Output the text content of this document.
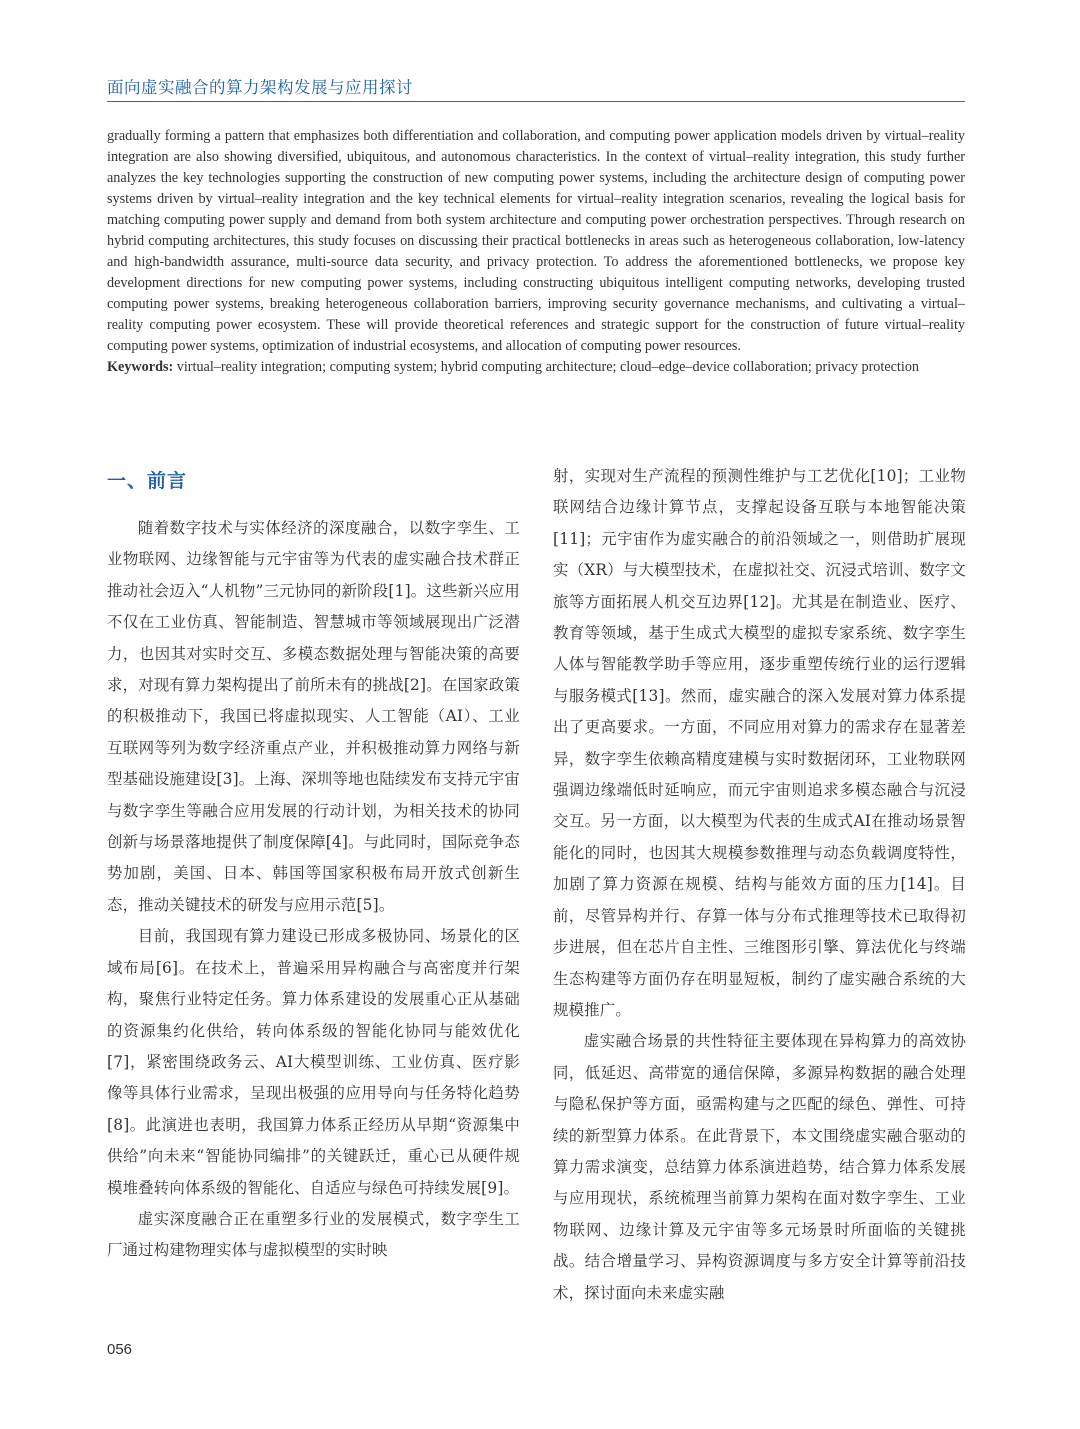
面向虚实融合的算力架构发展与应用探讨

gradually forming a pattern that emphasizes both differentiation and collaboration, and computing power application models driven by virtual–reality integration are also showing diversified, ubiquitous, and autonomous characteristics. In the context of virtual–reality integration, this study further analyzes the key technologies supporting the construction of new computing power systems, including the architecture design of computing power systems driven by virtual–reality integration and the key technical elements for virtual–reality integration scenarios, revealing the logical basis for matching computing power supply and demand from both system architecture and computing power orchestration perspectives. Through research on hybrid computing architectures, this study focuses on discussing their practical bottlenecks in areas such as heterogeneous collaboration, low-latency and high-bandwidth assurance, multi-source data security, and privacy protection. To address the aforementioned bottlenecks, we propose key development directions for new computing power systems, including constructing ubiquitous intelligent computing networks, developing trusted computing power systems, breaking heterogeneous collaboration barriers, improving security governance mechanisms, and cultivating a virtual–reality computing power ecosystem. These will provide theoretical references and strategic support for the construction of future virtual–reality computing power systems, optimization of industrial ecosystems, and allocation of computing power resources.

Keywords: virtual–reality integration; computing system; hybrid computing architecture; cloud–edge–device collaboration; privacy protection

一、前言

随着数字技术与实体经济的深度融合，以数字孪生、工业物联网、边缘智能与元宇宙等为代表的虚实融合技术群正推动社会迈入“人机物”三元协同的新阶段[1]。这些新兴应用不仅在工业仿真、智能制造、智慧城市等领域展现出广泛潜力，也因其对实时交互、多模态数据处理与智能决策的高要求，对现有算力架构提出了前所未有的挑战[2]。在国家政策的积极推动下，我国已将虚拟现实、人工智能（AI）、工业互联网等列为数字经济重点产业，并积极推动算力网络与新型基础设施建设[3]。上海、深圳等地也陆续发布支持元宇宙与数字孪生等融合应用发展的行动计划，为相关技术的协同创新与场景落地提供了制度保障[4]。与此同时，国际竞争态势加剧，美国、日本、韩国等国家积极布局开放式创新生态，推动关键技术的研发与应用示范[5]。

目前，我国现有算力建设已形成多极协同、场景化的区域布局[6]。在技术上，普遍采用异构融合与高密度并行架构，聚焦行业特定任务。算力体系建设的发展重心正从基础的资源集约化供给，转向体系级的智能化协同与能效优化[7]，紧密围绕政务云、AI大模型训练、工业仿真、医疗影像等具体行业需求，呈现出极强的应用导向与任务特化趋势[8]。此演进也表明，我国算力体系正经历从早期“资源集中供给”向未来“智能协同编排”的关键跃迁，重心已从硬件规模堆叠转向体系级的智能化、自适应与绿色可持续发展[9]。

虚实深度融合正在重塑多行业的发展模式，数字孪生工厂通过构建物理实体与虚拟模型的实时映

射，实现对生产流程的预测性维护与工艺优化[10]；工业物联网结合边缘计算节点，支撑起设备互联与本地智能决策[11]；元宇宙作为虚实融合的前沿领域之一，则借助扩展现实（XR）与大模型技术，在虚拟社交、沉浸式培训、数字文旅等方面拓展人机交互边界[12]。尤其是在制造业、医疗、教育等领域，基于生成式大模型的虚拟专家系统、数字孪生人体与智能教学助手等应用，逐步重塑传统行业的运行逻辑与服务模式[13]。然而，虚实融合的深入发展对算力体系提出了更高要求。一方面，不同应用对算力的需求存在显著差异，数字孪生依赖高精度建模与实时数据闭环，工业物联网强调边缘端低时延响应，而元宇宙则追求多模态融合与沉浸交互。另一方面，以大模型为代表的生成式AI在推动场景智能化的同时，也因其大规模参数推理与动态负载调度特性，加剧了算力资源在规模、结构与能效方面的压力[14]。目前，尽管异构并行、存算一体与分布式推理等技术已取得初步进展，但在芯片自主性、三维图形引擎、算法优化与终端生态构建等方面仍存在明显短板，制约了虚实融合系统的大规模推广。

虚实融合场景的共性特征主要体现在异构算力的高效协同，低延迟、高带宽的通信保障，多源异构数据的融合处理与隐私保护等方面，亟需构建与之匹配的绿色、弹性、可持续的新型算力体系。在此背景下，本文围绕虚实融合驱动的算力需求演变，总结算力体系演进趋势，结合算力体系发展与应用现状，系统梳理当前算力架构在面对数字孪生、工业物联网、边缘计算及元宇宙等多元场景时所面临的关键挑战。结合增量学习、异构资源调度与多方安全计算等前沿技术，探讨面向未来虚实融

056
